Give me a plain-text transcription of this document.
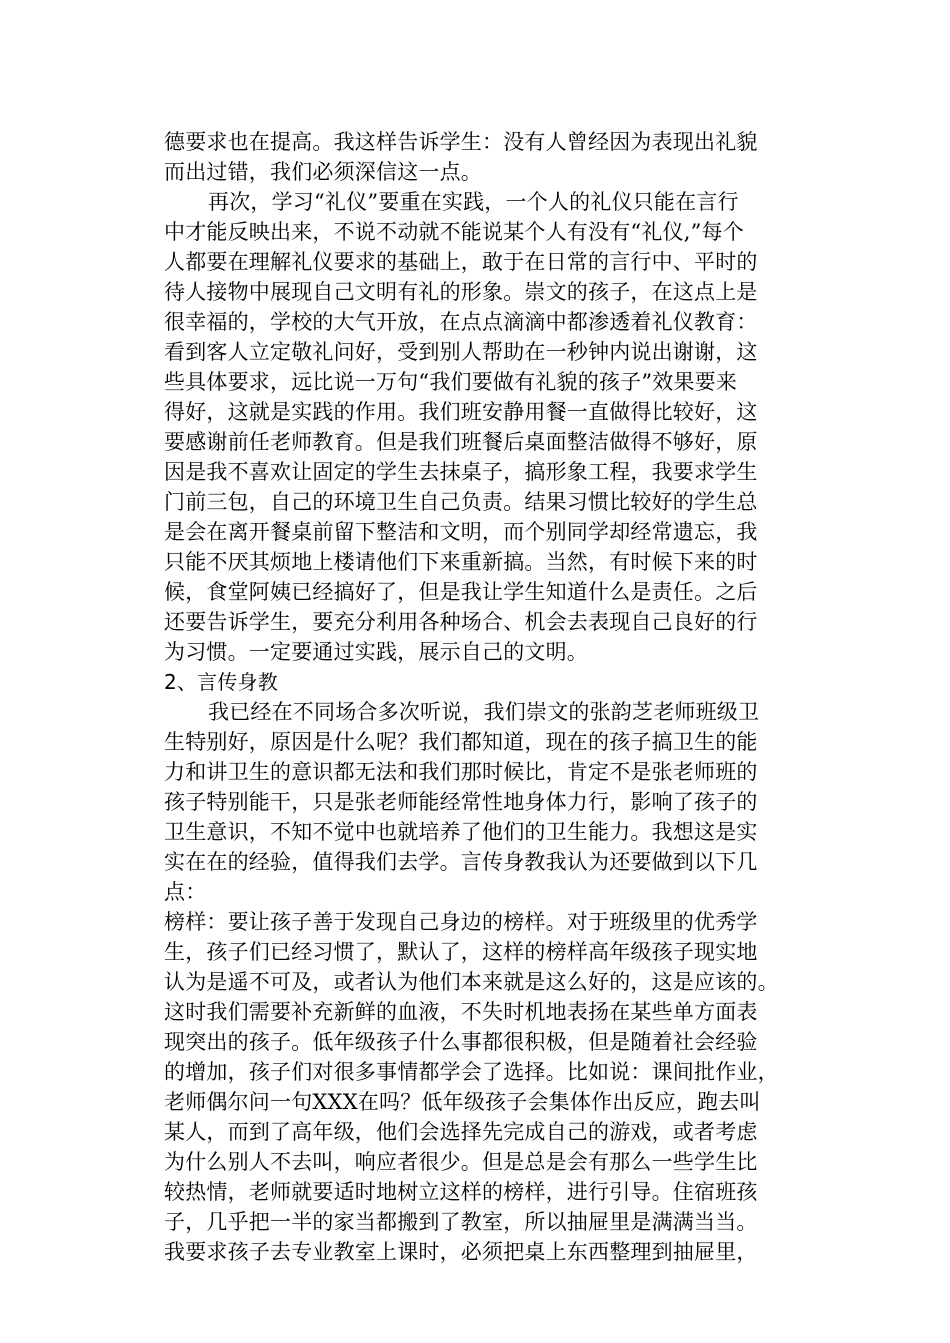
德要求也在提高。我这样告诉学生：没有人曾经因为表现出礼貌
而出过错，我们必须深信这一点。
再次，学习“礼仪”要重在实践，一个人的礼仪只能在言行
中才能反映出来，不说不动就不能说某个人有没有“礼仪,”每个
人都要在理解礼仪要求的基础上，敢于在日常的言行中、平时的
待人接物中展现自己文明有礼的形象。崇文的孩子，在这点上是
很幸福的，学校的大气开放，在点点滴滴中都渗透着礼仪教育：
看到客人立定敬礼问好，受到别人帮助在一秒钟内说出谢谢，这
些具体要求，远比说一万句“我们要做有礼貌的孩子”效果要来
得好，这就是实践的作用。我们班安静用餐一直做得比较好，这
要感谢前任老师教育。但是我们班餐后桌面整洁做得不够好，原
因是我不喜欢让固定的学生去抹桌子，搞形象工程，我要求学生
门前三包，自己的环境卫生自己负责。结果习惯比较好的学生总
是会在离开餐桌前留下整洁和文明，而个别同学却经常遗忘，我
只能不厌其烦地上楼请他们下来重新搞。当然，有时候下来的时
候，食堂阿姨已经搞好了，但是我让学生知道什么是责任。之后
还要告诉学生，要充分利用各种场合、机会去表现自己良好的行
为习惯。一定要通过实践，展示自己的文明。
2、言传身教
我已经在不同场合多次听说，我们崇文的张韵芝老师班级卫
生特别好，原因是什么呢？我们都知道，现在的孩子搞卫生的能
力和讲卫生的意识都无法和我们那时候比，肯定不是张老师班的
孩子特别能干，只是张老师能经常性地身体力行，影响了孩子的
卫生意识，不知不觉中也就培养了他们的卫生能力。我想这是实
实在在的经验，值得我们去学。言传身教我认为还要做到以下几
点：
榜样：要让孩子善于发现自己身边的榜样。对于班级里的优秀学
生，孩子们已经习惯了，默认了，这样的榜样高年级孩子现实地
认为是遥不可及，或者认为他们本来就是这么好的，这是应该的。
这时我们需要补充新鲜的血液，不失时机地表扬在某些单方面表
现突出的孩子。低年级孩子什么事都很积极，但是随着社会经验
的增加，孩子们对很多事情都学会了选择。比如说：课间批作业，
老师偶尔问一句XXX在吗？低年级孩子会集体作出反应，跑去叫
某人，而到了高年级，他们会选择先完成自己的游戏，或者考虑
为什么别人不去叫，响应者很少。但是总是会有那么一些学生比
较热情，老师就要适时地树立这样的榜样，进行引导。住宿班孩
子，几乎把一半的家当都搬到了教室，所以抽屉里是满满当当。
我要求孩子去专业教室上课时，必须把桌上东西整理到抽屉里，
